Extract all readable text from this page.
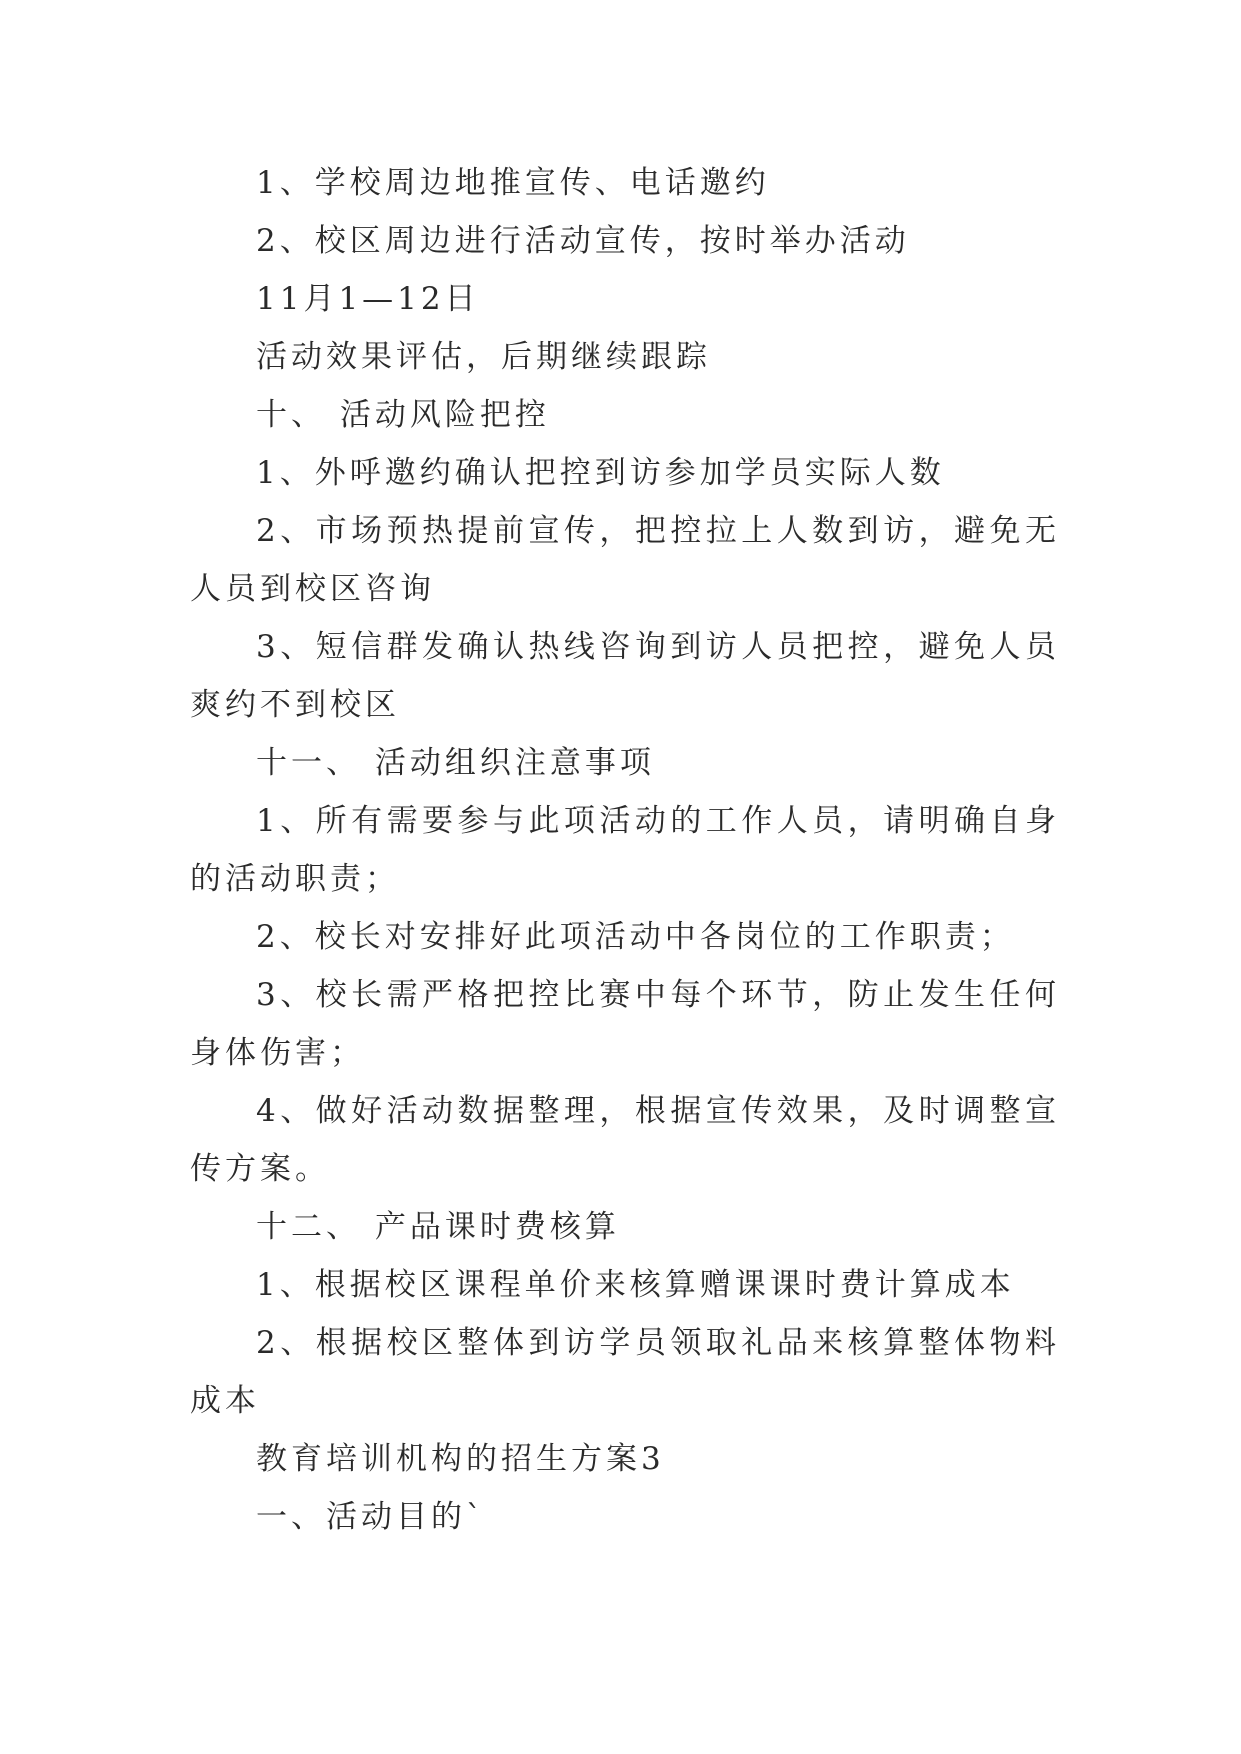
1、学校周边地推宣传、电话邀约

2、校区周边进行活动宣传，按时举办活动

11月1—12日

活动效果评估，后期继续跟踪

十、 活动风险把控

1、外呼邀约确认把控到访参加学员实际人数

2、市场预热提前宣传，把控拉上人数到访，避免无人员到校区咨询

3、短信群发确认热线咨询到访人员把控，避免人员爽约不到校区

十一、 活动组织注意事项

1、所有需要参与此项活动的工作人员，请明确自身的活动职责；

2、校长对安排好此项活动中各岗位的工作职责；

3、校长需严格把控比赛中每个环节，防止发生任何身体伤害；

4、做好活动数据整理，根据宣传效果，及时调整宣传方案。

十二、 产品课时费核算

1、根据校区课程单价来核算赠课课时费计算成本

2、根据校区整体到访学员领取礼品来核算整体物料成本

教育培训机构的招生方案3

一、活动目的`
